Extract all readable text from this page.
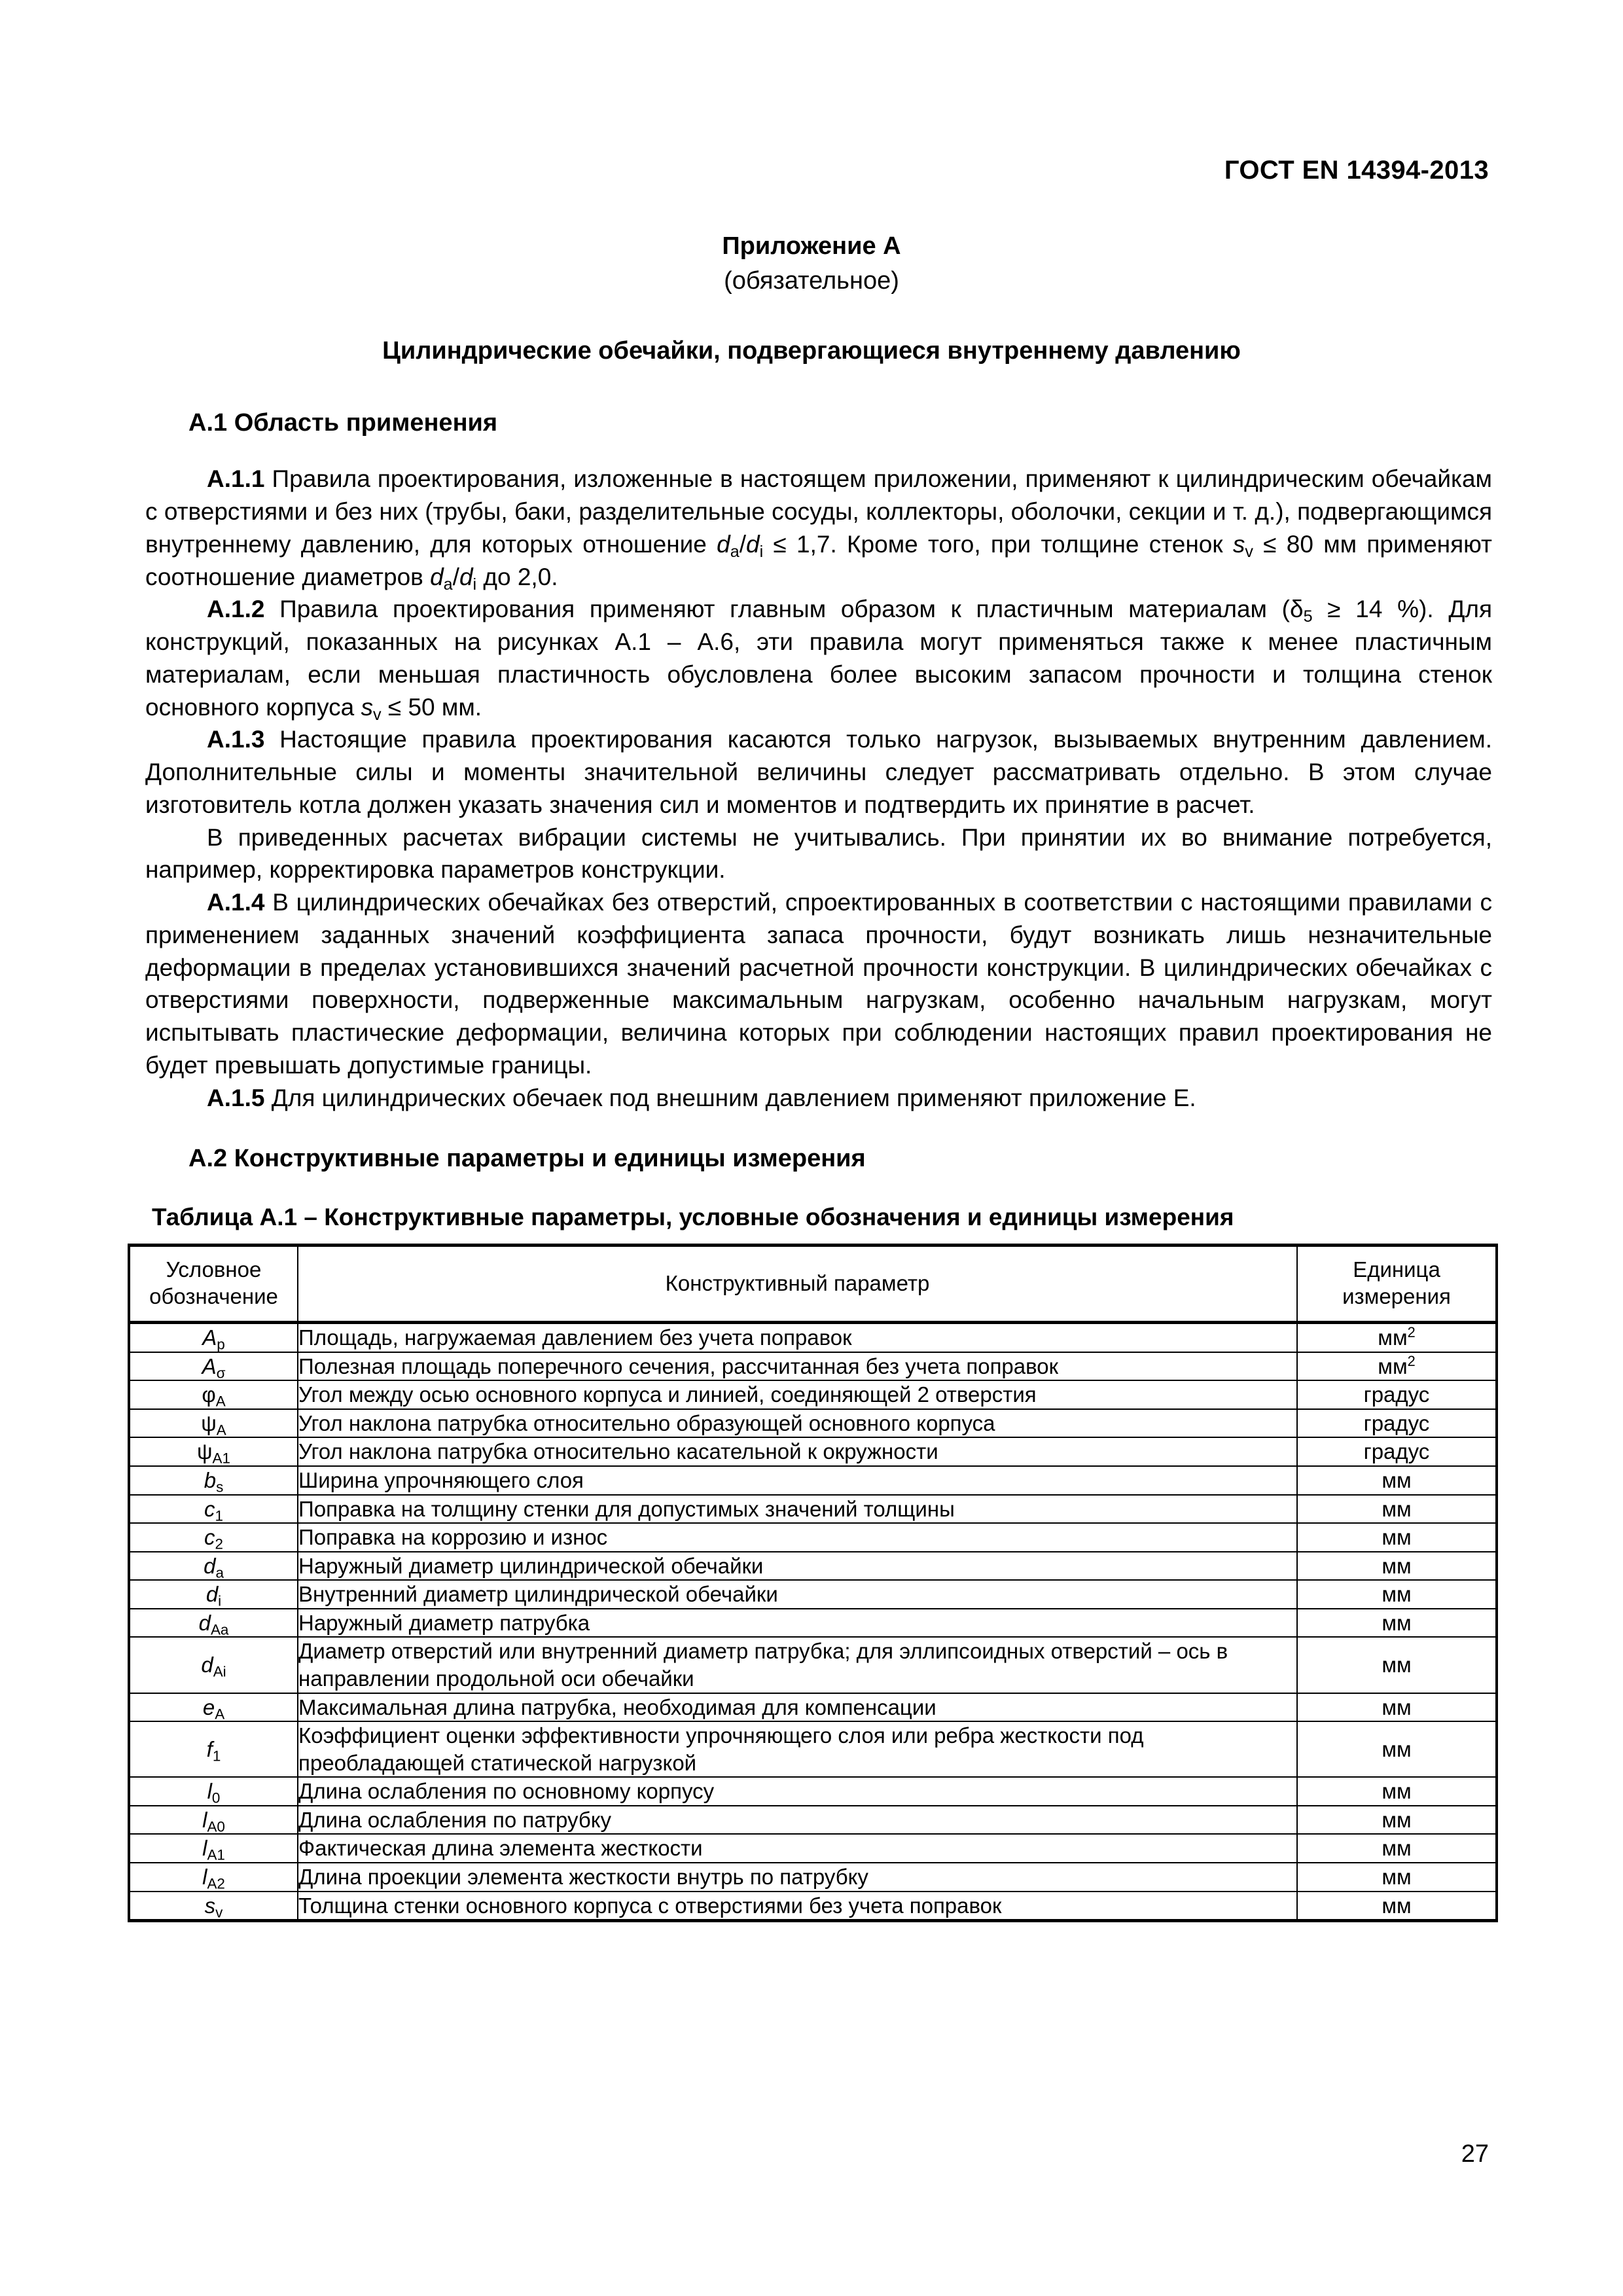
ГОСТ EN 14394-2013
Приложение А
(обязательное)
Цилиндрические обечайки, подвергающиеся внутреннему давлению
А.1 Область применения

А.1.1 Правила проектирования, изложенные в настоящем приложении, применяют к цилиндрическим обечайкам с отверстиями и без них (трубы, баки, разделительные сосуды, коллекторы, оболочки, секции и т. д.), подвергающимся внутреннему давлению, для которых отношение $d_a/d_i \le 1,7$. Кроме того, при толщине стенок $s_v \le 80$ мм применяют соотношение диаметров $d_a/d_i$ до 2,0.

А.1.2 Правила проектирования применяют главным образом к пластичным материалам ($\delta_5 \ge 14$ %). Для конструкций, показанных на рисунках А.1 – А.6, эти правила могут применяться также к менее пластичным материалам, если меньшая пластичность обусловлена более высоким запасом прочности и толщина стенок основного корпуса $s_v \le 50$ мм.

А.1.3 Настоящие правила проектирования касаются только нагрузок, вызываемых внутренним давлением. Дополнительные силы и моменты значительной величины следует рассматривать отдельно. В этом случае изготовитель котла должен указать значения сил и моментов и подтвердить их принятие в расчет.

В приведенных расчетах вибрации системы не учитывались. При принятии их во внимание потребуется, например, корректировка параметров конструкции.

А.1.4 В цилиндрических обечайках без отверстий, спроектированных в соответствии с настоящими правилами с применением заданных значений коэффициента запаса прочности, будут возникать лишь незначительные деформации в пределах установившихся значений расчетной прочности конструкции. В цилиндрических обечайках с отверстиями поверхности, подверженные максимальным нагрузкам, особенно начальным нагрузкам, могут испытывать пластические деформации, величина которых при соблюдении настоящих правил проектирования не будет превышать допустимые границы.

А.1.5 Для цилиндрических обечаек под внешним давлением применяют приложение Е.

А.2 Конструктивные параметры и единицы измерения
Таблица А.1 – Конструктивные параметры, условные обозначения и единицы измерения
Условное обозначение	Конструктивный параметр	Единица измерения
$A_p$	Площадь, нагружаемая давлением без учета поправок	$мм^2$
$A_\sigma$	Полезная площадь поперечного сечения, рассчитанная без учета поправок	$мм^2$
$\varphi_A$	Угол между осью основного корпуса и линией, соединяющей 2 отверстия	градус
$\psi_A$	Угол наклона патрубка относительно образующей основного корпуса	градус
$\psi_{A1}$	Угол наклона патрубка относительно касательной к окружности	градус
$b_s$	Ширина упрочняющего слоя	мм
$c_1$	Поправка на толщину стенки для допустимых значений толщины	мм
$c_2$	Поправка на коррозию и износ	мм
$d_a$	Наружный диаметр цилиндрической обечайки	мм
$d_i$	Внутренний диаметр цилиндрической обечайки	мм
$d_{Aa}$	Наружный диаметр патрубка	мм
$d_{Ai}$	Диаметр отверстий или внутренний диаметр патрубка; для эллипсоидных отверстий – ось в направлении продольной оси обечайки	мм
$e_A$	Максимальная длина патрубка, необходимая для компенсации	мм
$f_1$	Коэффициент оценки эффективности упрочняющего слоя или ребра жесткости под преобладающей статической нагрузкой	мм
$l_0$	Длина ослабления по основному корпусу	мм
$l_{A0}$	Длина ослабления по патрубку	мм
$l_{A1}$	Фактическая длина элемента жесткости	мм
$l_{A2}$	Длина проекции элемента жесткости внутрь по патрубку	мм
$s_v$	Толщина стенки основного корпуса с отверстиями без учета поправок	мм
27
